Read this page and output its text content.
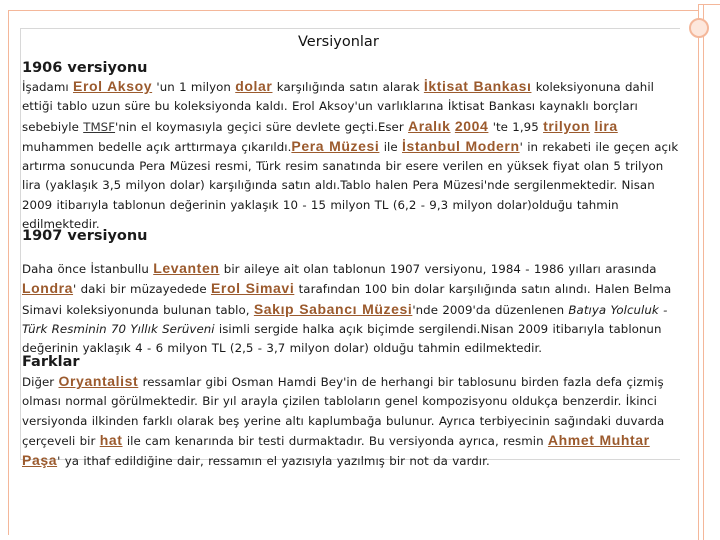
Versiyonlar
1906 versiyonu

İşadamı Erol Aksoy 'un 1 milyon dolar karşılığında satın alarak İktisat Bankası koleksiyonuna dahil ettiği tablo uzun süre bu koleksiyonda kaldı. Erol Aksoy'un varlıklarına İktisat Bankası kaynaklı borçları sebebiyle TMSF'nin el koymasıyla geçici süre devlete geçti.Eser Aralık 2004 'te 1,95 trilyon lira muhammen bedelle açık arttırmaya çıkarıldı.Pera Müzesi ile İstanbul Modern' in rekabeti ile geçen açık artırma sonucunda Pera Müzesi resmi, Türk resim sanatında bir esere verilen en yüksek fiyat olan 5 trilyon lira (yaklaşık 3,5 milyon dolar) karşılığında satın aldı.Tablo halen Pera Müzesi'nde sergilenmektedir. Nisan 2009 itibarıyla tablonun değerinin yaklaşık 10 - 15 milyon TL (6,2 - 9,3 milyon dolar)olduğu tahmin edilmektedir.

1907 versiyonu

Daha önce İstanbullu Levanten bir aileye ait olan tablonun 1907 versiyonu, 1984 - 1986 yılları arasında Londra' daki bir müzayedede Erol Simavi tarafından 100 bin dolar karşılığında satın alındı. Halen Belma Simavi koleksiyonunda bulunan tablo, Sakıp Sabancı Müzesi'nde 2009'da düzenlenen Batıya Yolculuk - Türk Resminin 70 Yıllık Serüveni isimli sergide halka açık biçimde sergilendi.Nisan 2009 itibarıyla tablonun değerinin yaklaşık 4 - 6 milyon TL (2,5 - 3,7 milyon dolar) olduğu tahmin edilmektedir.

Farklar

Diğer Oryantalist ressamlar gibi Osman Hamdi Bey'in de herhangi bir tablosunu birden fazla defa çizmiş olması normal görülmektedir. Bir yıl arayla çizilen tabloların genel kompozisyonu oldukça benzerdir. İkinci versiyonda ilkinden farklı olarak beş yerine altı kaplumbağa bulunur. Ayrıca terbiyecinin sağındaki duvarda çerçeveli bir hat ile cam kenarında bir testi durmaktadır. Bu versiyonda ayrıca, resmin Ahmet Muhtar Paşa' ya ithaf edildiğine dair, ressamın el yazısıyla yazılmış bir not da vardır.
